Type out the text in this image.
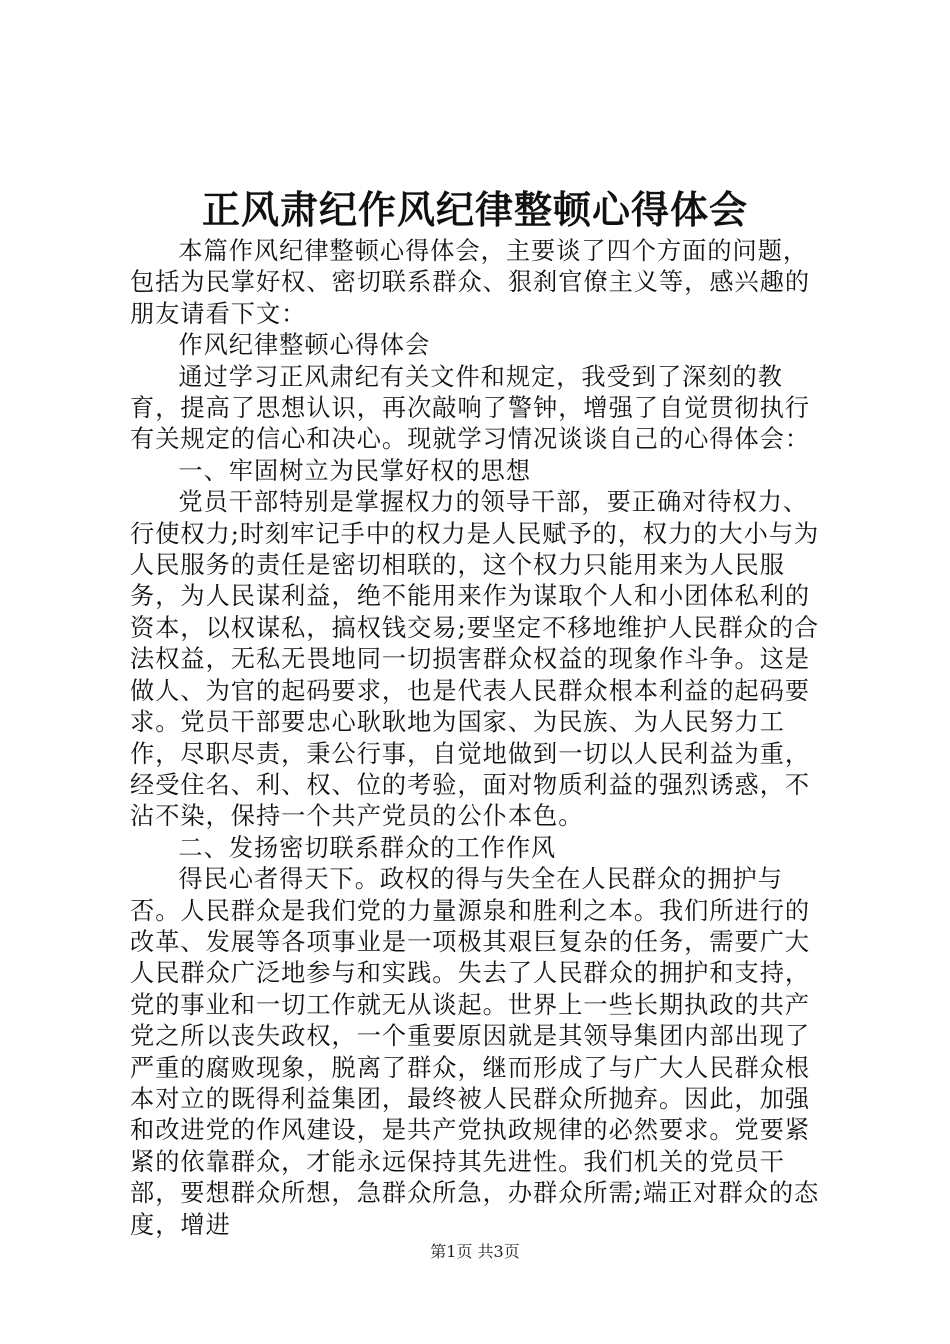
正风肃纪作风纪律整顿心得体会

本篇作风纪律整顿心得体会，主要谈了四个方面的问题，包括为民掌好权、密切联系群众、狠刹官僚主义等，感兴趣的朋友请看下文：

作风纪律整顿心得体会

通过学习正风肃纪有关文件和规定，我受到了深刻的教育，提高了思想认识，再次敲响了警钟，增强了自觉贯彻执行有关规定的信心和决心。现就学习情况谈谈自己的心得体会：

一、牢固树立为民掌好权的思想

党员干部特别是掌握权力的领导干部，要正确对待权力、行使权力;时刻牢记手中的权力是人民赋予的，权力的大小与为人民服务的责任是密切相联的，这个权力只能用来为人民服务，为人民谋利益，绝不能用来作为谋取个人和小团体私利的资本，以权谋私，搞权钱交易;要坚定不移地维护人民群众的合法权益，无私无畏地同一切损害群众权益的现象作斗争。这是做人、为官的起码要求，也是代表人民群众根本利益的起码要求。党员干部要忠心耿耿地为国家、为民族、为人民努力工作，尽职尽责，秉公行事，自觉地做到一切以人民利益为重，经受住名、利、权、位的考验，面对物质利益的强烈诱惑，不沾不染，保持一个共产党员的公仆本色。

二、发扬密切联系群众的工作作风

得民心者得天下。政权的得与失全在人民群众的拥护与否。人民群众是我们党的力量源泉和胜利之本。我们所进行的改革、发展等各项事业是一项极其艰巨复杂的任务，需要广大人民群众广泛地参与和实践。失去了人民群众的拥护和支持，党的事业和一切工作就无从谈起。世界上一些长期执政的共产党之所以丧失政权，一个重要原因就是其领导集团内部出现了严重的腐败现象，脱离了群众，继而形成了与广大人民群众根本对立的既得利益集团，最终被人民群众所抛弃。因此，加强和改进党的作风建设，是共产党执政规律的必然要求。党要紧紧的依靠群众，才能永远保持其先进性。我们机关的党员干部，要想群众所想，急群众所急，办群众所需;端正对群众的态度，增进

第1页 共3页
